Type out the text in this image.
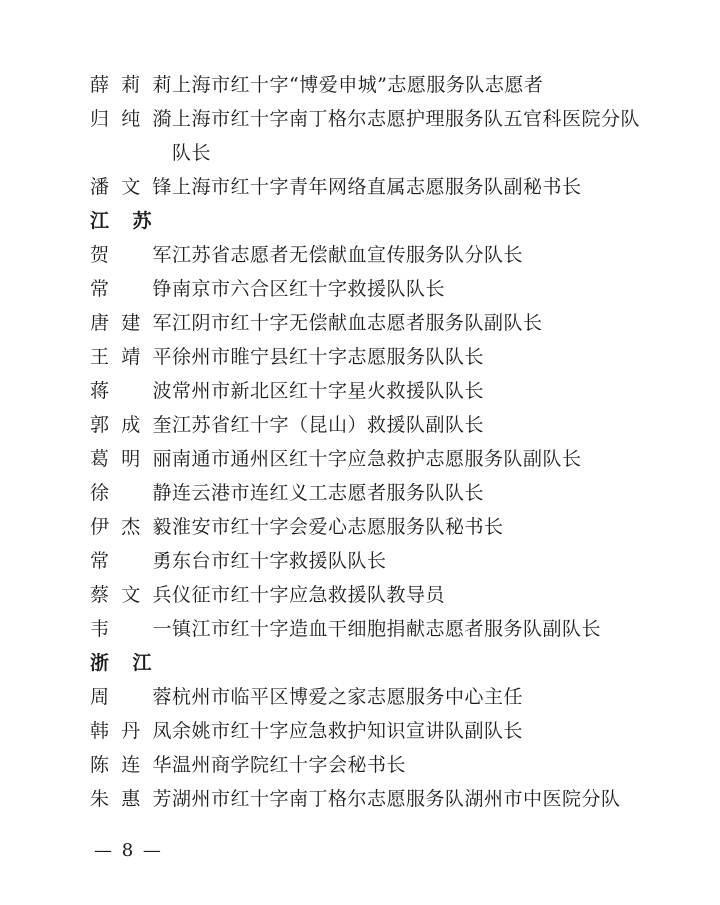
薛莉莉 上海市红十字“博爱申城”志愿服务队志愿者
归纯漪 上海市红十字南丁格尔志愿护理服务队五官科医院分队队长
潘文锋 上海市红十字青年网络直属志愿服务队副秘书长
江苏
贺军 江苏省志愿者无偿献血宣传服务队分队长
常铮 南京市六合区红十字救援队队长
唐建军 江阴市红十字无偿献血志愿者服务队副队长
王靖平 徐州市睢宁县红十字志愿服务队队长
蒋波 常州市新北区红十字星火救援队队长
郭成奎 江苏省红十字（昆山）救援队副队长
葛明丽 南通市通州区红十字应急救护志愿服务队副队长
徐静 连云港市连红义工志愿者服务队队长
伊杰毅 淮安市红十字会爱心志愿服务队秘书长
常勇 东台市红十字救援队队长
蔡文兵 仪征市红十字应急救援队教导员
韦一 镇江市红十字造血干细胞捐献志愿者服务队副队长
浙江
周蓉 杭州市临平区博爱之家志愿服务中心主任
韩丹凤 余姚市红十字应急救护知识宣讲队副队长
陈连华 温州商学院红十字会秘书长
朱惠芳 湖州市红十字南丁格尔志愿服务队湖州市中医院分队
— 8 —
